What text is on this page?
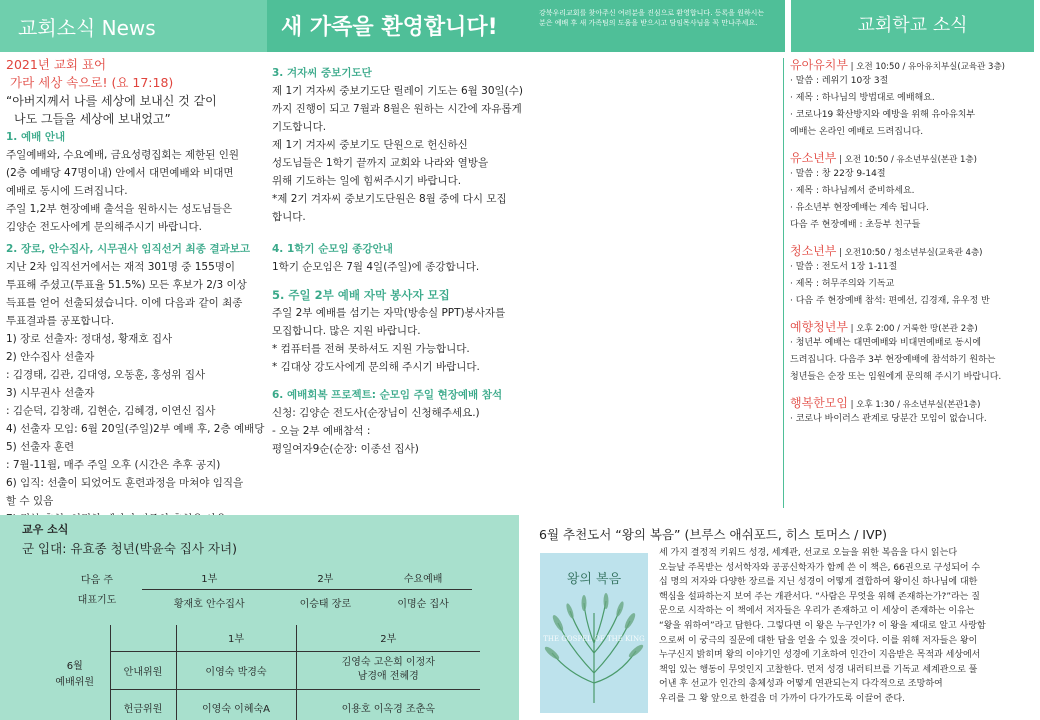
교회소식 News	새 가족을 환영합니다!
강북우리교회를 찾아주신 여러분을 진심으로 환영합니다. 등록을 원하시는 분은 예배 후 새 가족팀의 도움을 받으시고 담임목사님을 꼭 만나주세요.	교회학교 소식
2021년 교회 표어
가라 세상 속으로! (요 17:18)
“아버지께서 나를 세상에 보내신 것 같이
나도 그들을 세상에 보내었고”
1. 예배 안내
주일예배와, 수요예배, 금요성령집회는 제한된 인원
(2층 예배당 47명이내) 안에서 대면예배와 비대면
예배로 동시에 드려집니다.
주일 1,2부 현장예배 출석을 원하시는 성도님들은
김양순 전도사에게 문의해주시기 바랍니다.
2. 장로, 안수집사, 시무권사 임직선거 최종 결과보고
지난 2차 임직선거에서는 재적 301명 중 155명이
투표해 주셨고(투표율 51.5%) 모든 후보가 2/3 이상
득표를 얻어 선출되셨습니다. 이에 다음과 같이 최종
투표결과를 공포합니다.
1) 장로 선출자: 정대성, 황재호 집사
2) 안수집사 선출자
: 김경태, 김관, 김대영, 오동훈, 홍성위 집사
3) 시무권사 선출자
: 김순덕, 김창래, 김현순, 김혜경, 이연신 집사
4) 선출자 모임: 6월 20일(주일)2부 예배 후, 2층 예배당
5) 선출자 훈련
: 7월-11월, 매주 주일 오후 (시간은 추후 공지)
6) 임직: 선출이 되었어도 훈련과정을 마쳐야 임직을
할 수 있음
3. 겨자씨 중보기도단
제 1기 겨자씨 중보기도단 릴레이 기도는 6월 30일(수)
까지 진행이 되고 7월과 8월은 원하는 시간에 자유롭게
기도합니다.
제 1기 겨자씨 중보기도 단원으로 헌신하신
성도님들은 1학기 끝까지 교회와 나라와 열방을
위해 기도하는 일에 힘써주시기 바랍니다.
*제 2기 겨자씨 중보기도단원은 8월 중에 다시 모집
합니다.
4. 1학기 순모임 종강안내
1학기 순모임은 7월 4일(주일)에 종강합니다.
5. 주일 2부 예배 자막 봉사자 모집
주일 2부 예배를 섬기는 자막(방송실 PPT)봉사자를
모집합니다. 많은 지원 바랍니다.
* 컴퓨터를 전혀 못하셔도 지원 가능합니다.
* 김대상 강도사에게 문의해 주시기 바랍니다.
6. 예배회복 프로젝트: 순모임 주일 현장예배 참석
신청: 김양순 전도사(순장님이 신청해주세요.)
- 오늘 2부 예배참석 :
평일여자9순(순장: 이종선 집사)
유아유치부 | 오전 10:50 / 유아유치부실(교육관 3층)
· 말씀 : 레위기 10장 3절
· 제목 : 하나님의 방법대로 예배해요.
· 코로나19 확산방지와 예방을 위해 유아유치부
예배는 온라인 예배로 드려집니다.
유소년부 | 오전 10:50 / 유소년부실(본관 1층)
· 말씀 : 창 22장 9-14절
· 제목 : 하나님께서 준비하세요.
· 유소년부 현장예배는 계속 됩니다.
다음 주 현장예배 : 초등부 친구들
청소년부 | 오전10:50 / 청소년부실(교육관 4층)
· 말씀 : 전도서 1장 1-11절
· 제목 : 허무주의와 기독교
· 다음 주 현장예배 참석: 편예선, 김경재, 유우정 반
예향청년부 | 오후 2:00 / 거룩한 땅(본관 2층)
· 청년부 예배는 대면예배와 비대면예배로 동시에
드려집니다. 다음주 3부 현장예배에 참석하기 원하는
청년들은 순장 또는 임원에게 문의해 주시기 바랍니다.
행복한모임 | 오후 1:30 / 유소년부실(본관1층)
· 코로나 바이러스 관계로 당분간 모임이 없습니다.
교우 소식
군 입대: 유효종 청년(박윤숙 집사 자녀)
다음 주
대표기도	1부	2부	수요예배
	황재호 안수집사	이승태 장로	이명순 집사
6월
예배위원		1부	2부
	안내위원	이영숙 박경숙	김영숙 고은희 이정자
남경애 전혜경

	헌금위원	이영숙 이혜숙A	이용호 이옥경 조춘옥
6월 추천도서 “왕의 복음” (브루스 애쉬포드, 히스 토머스 / IVP)
왕의 복음
THE GOSPEL OF THE KING
세 가지 결정적 키워드 성경, 세계관, 선교로 오늘을 위한 복음을 다시 읽는다
오늘날 주목받는 성서학자와 공공신학자가 함께 쓴 이 책은, 66권으로 구성되어 수
십 명의 저자와 다양한 장르를 지닌 성경이 어떻게 결합하여 왕이신 하나님에 대한
핵심을 설파하는지 보여 주는 개관서다. “사람은 무엇을 위해 존재하는가?”라는 질
문으로 시작하는 이 책에서 저자들은 우리가 존재하고 이 세상이 존재하는 이유는
“왕을 위하여”라고 답한다. 그렇다면 이 왕은 누구인가? 이 왕을 제대로 알고 사랑함
으로써 이 궁극의 질문에 대한 답을 얻을 수 있을 것이다. 이를 위해 저자들은 왕이
누구신지 밝히며 왕의 이야기인 성경에 기초하여 인간이 지음받은 목적과 세상에서
책임 있는 행동이 무엇인지 고찰한다. 먼저 성경 내러티브를 기독교 세계관으로 풀
어낸 후 선교가 인간의 총체성과 어떻게 연관되는지 다각적으로 조망하여
우리를 그 왕 앞으로 한걸음 더 가까이 다가가도록 이끌어 준다.
